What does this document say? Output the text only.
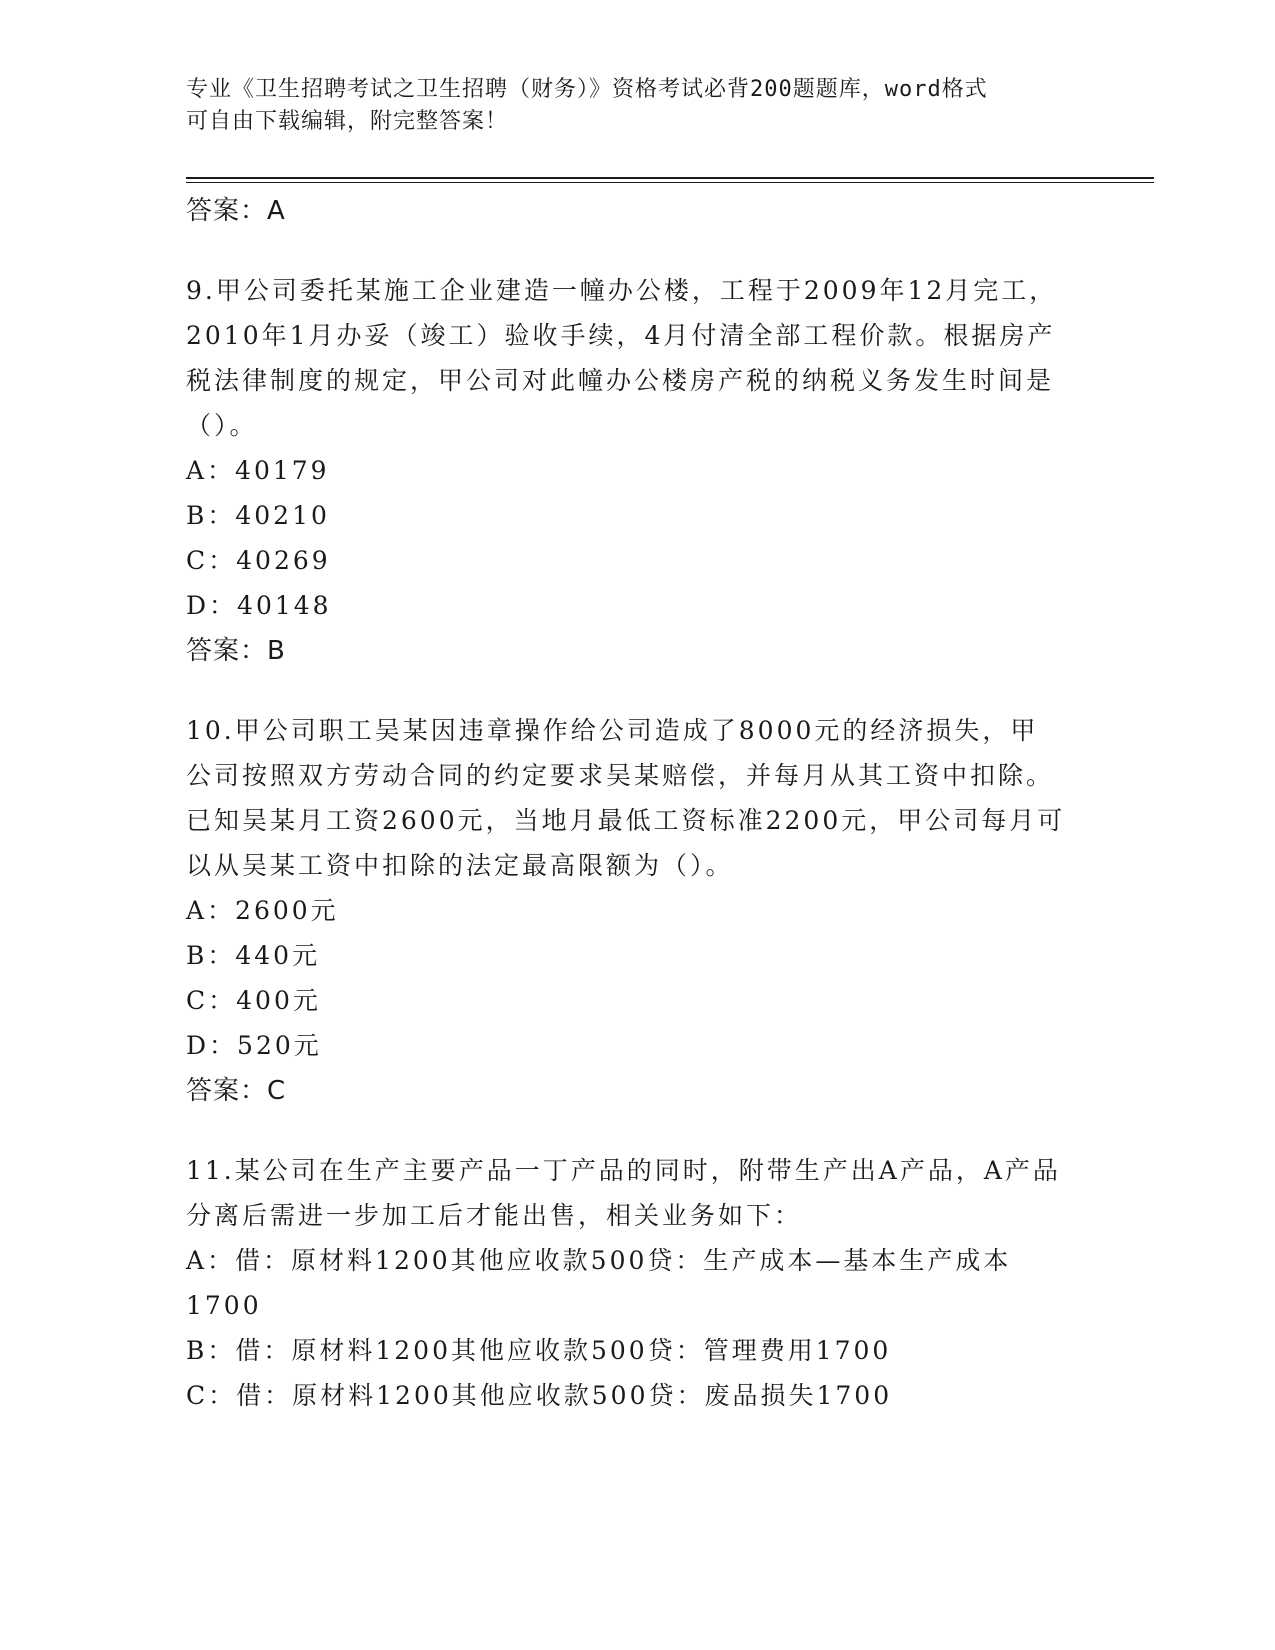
专业《卫生招聘考试之卫生招聘（财务）》资格考试必背200题题库，word格式
可自由下载编辑，附完整答案！

答案：A

9.甲公司委托某施工企业建造一幢办公楼，工程于2009年12月完工，2010年1月办妥（竣工）验收手续，4月付清全部工程价款。根据房产税法律制度的规定，甲公司对此幢办公楼房产税的纳税义务发生时间是（）。

A：40179

B：40210

C：40269

D：40148

答案：B

10.甲公司职工吴某因违章操作给公司造成了8000元的经济损失，甲公司按照双方劳动合同的约定要求吴某赔偿，并每月从其工资中扣除。已知吴某月工资2600元，当地月最低工资标准2200元，甲公司每月可以从吴某工资中扣除的法定最高限额为（）。

A：2600元

B：440元

C：400元

D：520元

答案：C

11.某公司在生产主要产品一丁产品的同时，附带生产出A产品，A产品分离后需进一步加工后才能出售，相关业务如下：

A：借：原材料1200其他应收款500贷：生产成本—基本生产成本1700

B：借：原材料1200其他应收款500贷：管理费用1700

C：借：原材料1200其他应收款500贷：废品损失1700
